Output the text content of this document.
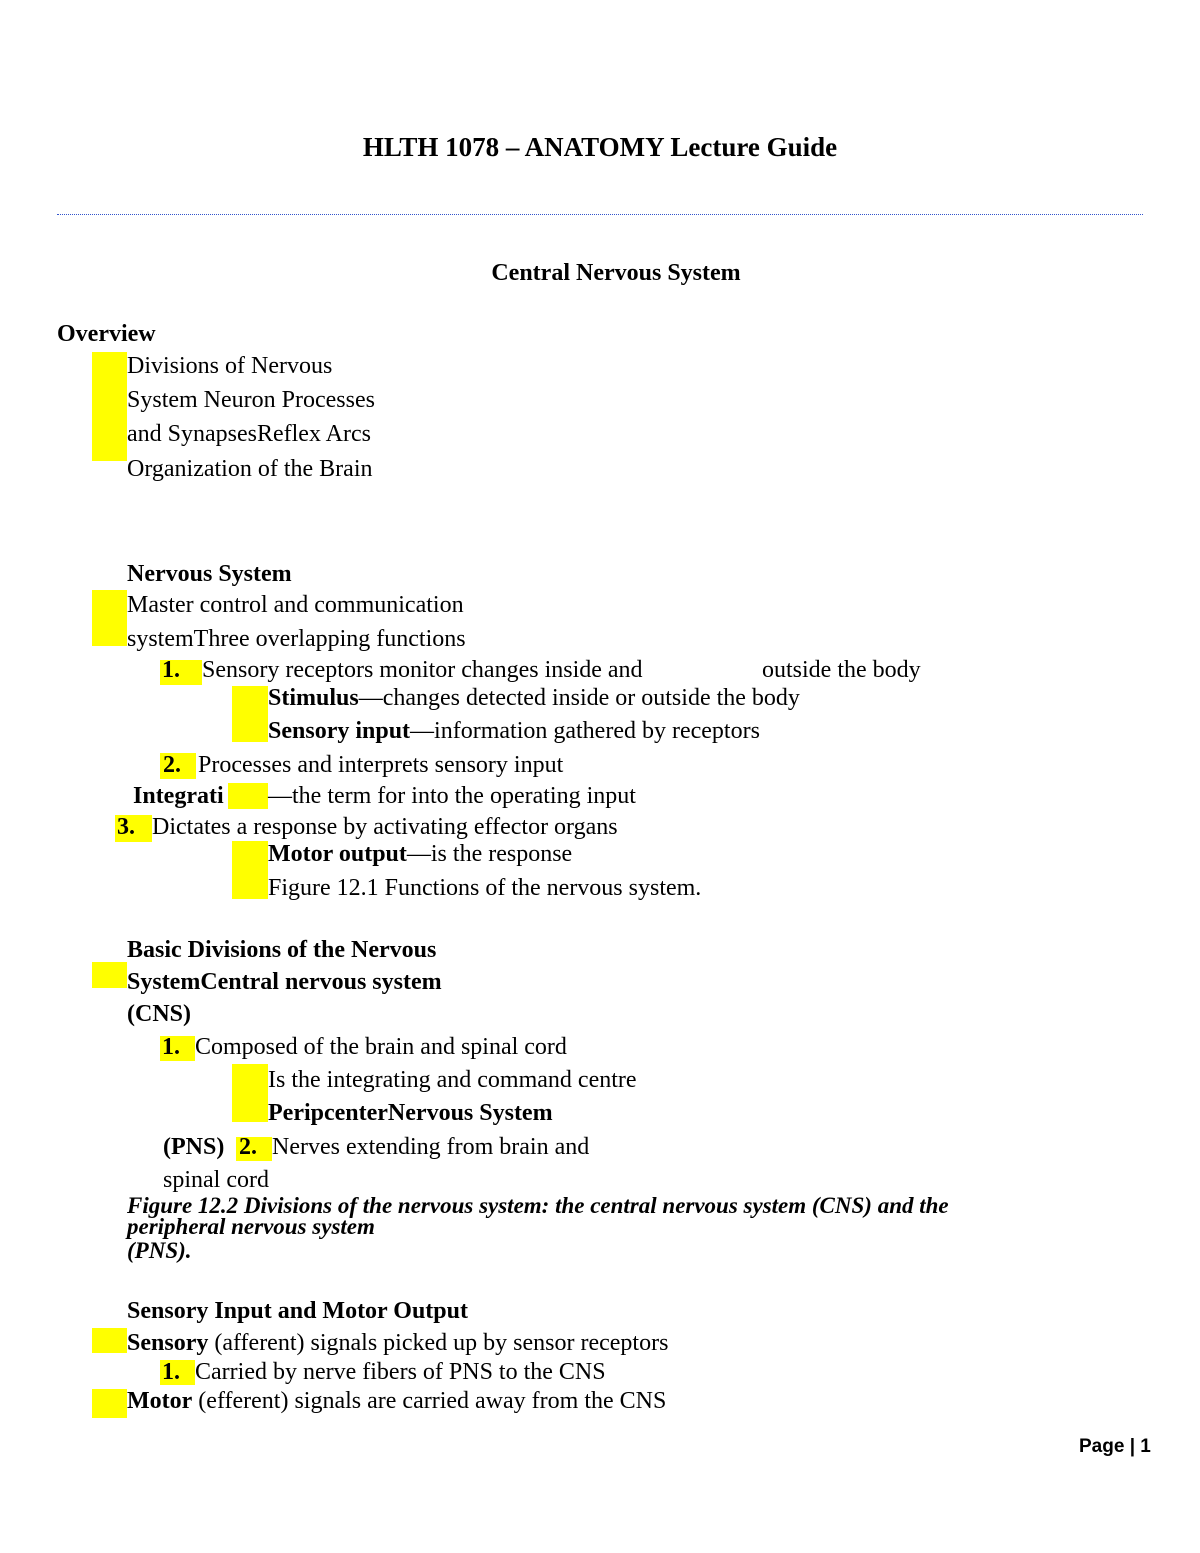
HLTH 1078 – ANATOMY Lecture Guide
Central Nervous System
Overview
Divisions of Nervous
System Neuron Processes
and SynapsesReflex Arcs
Organization of the Brain
Nervous System
Master control and communication
systemThree overlapping functions
1. Sensory receptors monitor changes inside and	outside the body
Stimulus—changes detected inside or outside the body
Sensory input—information gathered by receptors
2. Processes and interprets sensory input
Integrati —the term for into the operating input
3. Dictates a response by activating effector organs
Motor output—is the response
Figure 12.1 Functions of the nervous system.
Basic Divisions of the Nervous
SystemCentral nervous system
(CNS)
1. Composed of the brain and spinal cord
Is the integrating and command centre
PeripcenterNervous System
(PNS) 2. Nerves extending from brain and
spinal cord
Figure 12.2 Divisions of the nervous system: the central nervous system (CNS) and the
peripheral nervous system
(PNS).
Sensory Input and Motor Output
Sensory (afferent) signals picked up by sensor receptors
1. Carried by nerve fibers of PNS to the CNS
Motor (efferent) signals are carried away from the CNS
Page | 1
